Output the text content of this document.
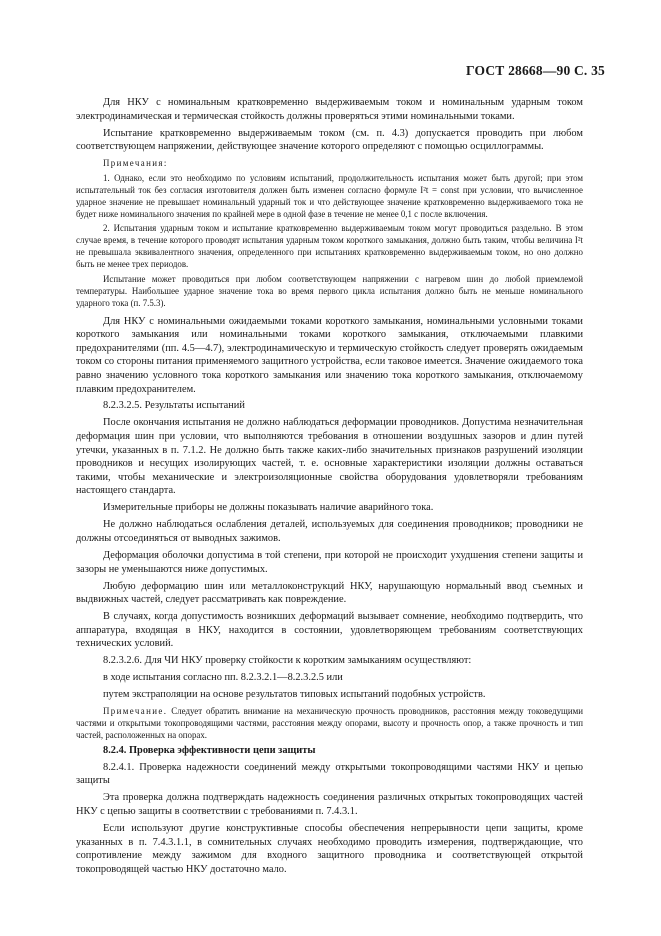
ГОСТ 28668—90 С. 35

Для НКУ с номинальным кратковременно выдерживаемым током и номинальным ударным током электродинамическая и термическая стойкость должны проверяться этими номинальными токами.

Испытание кратковременно выдерживаемым током (см. п. 4.3) допускается проводить при любом соответствующем напряжении, действующее значение которого определяют с помощью осциллограммы.

Примечания:

1. Однако, если это необходимо по условиям испытаний, продолжительность испытания может быть другой; при этом испытательный ток без согласия изготовителя должен быть изменен согласно формуле I²t = const при условии, что вычисленное ударное значение не превышает номинальный ударный ток и что действующее значение кратковременно выдерживаемого тока не будет ниже номинального значения по крайней мере в одной фазе в течение не менее 0,1 с после включения.

2. Испытания ударным током и испытание кратковременно выдерживаемым током могут проводиться раздельно. В этом случае время, в течение которого проводят испытания ударным током короткого замыкания, должно быть таким, чтобы величина I²t не превышала эквивалентного значения, определенного при испытаниях кратковременно выдерживаемым током, но оно должно быть не менее трех периодов.

Испытание может проводиться при любом соответствующем напряжении с нагревом шин до любой приемлемой температуры. Наибольшее ударное значение тока во время первого цикла испытания должно быть не меньше номинального ударного тока (п. 7.5.3).

Для НКУ с номинальными ожидаемыми токами короткого замыкания, номинальными условными токами короткого замыкания или номинальными токами короткого замыкания, отключаемыми плавкими предохранителями (пп. 4.5—4.7), электродинамическую и термическую стойкость следует проверять ожидаемым током со стороны питания применяемого защитного устройства, если таковое имеется. Значение ожидаемого тока равно значению условного тока короткого замыкания или значению тока короткого замыкания, отключаемому плавким предохранителем.

8.2.3.2.5. Результаты испытаний

После окончания испытания не должно наблюдаться деформации проводников. Допустима незначительная деформация шин при условии, что выполняются требования в отношении воздушных зазоров и длин путей утечки, указанных в п. 7.1.2. Не должно быть также каких-либо значительных признаков разрушений изоляции проводников и несущих изолирующих частей, т. е. основные характеристики изоляции должны оставаться такими, чтобы механические и электроизоляционные свойства оборудования удовлетворяли требованиям настоящего стандарта.

Измерительные приборы не должны показывать наличие аварийного тока.

Не должно наблюдаться ослабления деталей, используемых для соединения проводников; проводники не должны отсоединяться от выводных зажимов.

Деформация оболочки допустима в той степени, при которой не происходит ухудшения степени защиты и зазоры не уменьшаются ниже допустимых.

Любую деформацию шин или металлоконструкций НКУ, нарушающую нормальный ввод съемных и выдвижных частей, следует рассматривать как повреждение.

В случаях, когда допустимость возникших деформаций вызывает сомнение, необходимо подтвердить, что аппаратура, входящая в НКУ, находится в состоянии, удовлетворяющем требованиям соответствующих технических условий.

8.2.3.2.6. Для ЧИ НКУ проверку стойкости к коротким замыканиям осуществляют:

в ходе испытания согласно пп. 8.2.3.2.1—8.2.3.2.5 или

путем экстраполяции на основе результатов типовых испытаний подобных устройств.

Примечание. Следует обратить внимание на механическую прочность проводников, расстояния между токоведущими частями и открытыми токопроводящими частями, расстояния между опорами, высоту и прочность опор, а также прочность и тип частей, расположенных на опорах.

8.2.4. Проверка эффективности цепи защиты

8.2.4.1. Проверка надежности соединений между открытыми токопроводящими частями НКУ и цепью защиты

Эта проверка должна подтверждать надежность соединения различных открытых токопроводящих частей НКУ с цепью защиты в соответствии с требованиями п. 7.4.3.1.

Если используют другие конструктивные способы обеспечения непрерывности цепи защиты, кроме указанных в п. 7.4.3.1.1, в сомнительных случаях необходимо проводить измерения, подтверждающие, что сопротивление между зажимом для входного защитного проводника и соответствующей открытой токопроводящей частью НКУ достаточно мало.
